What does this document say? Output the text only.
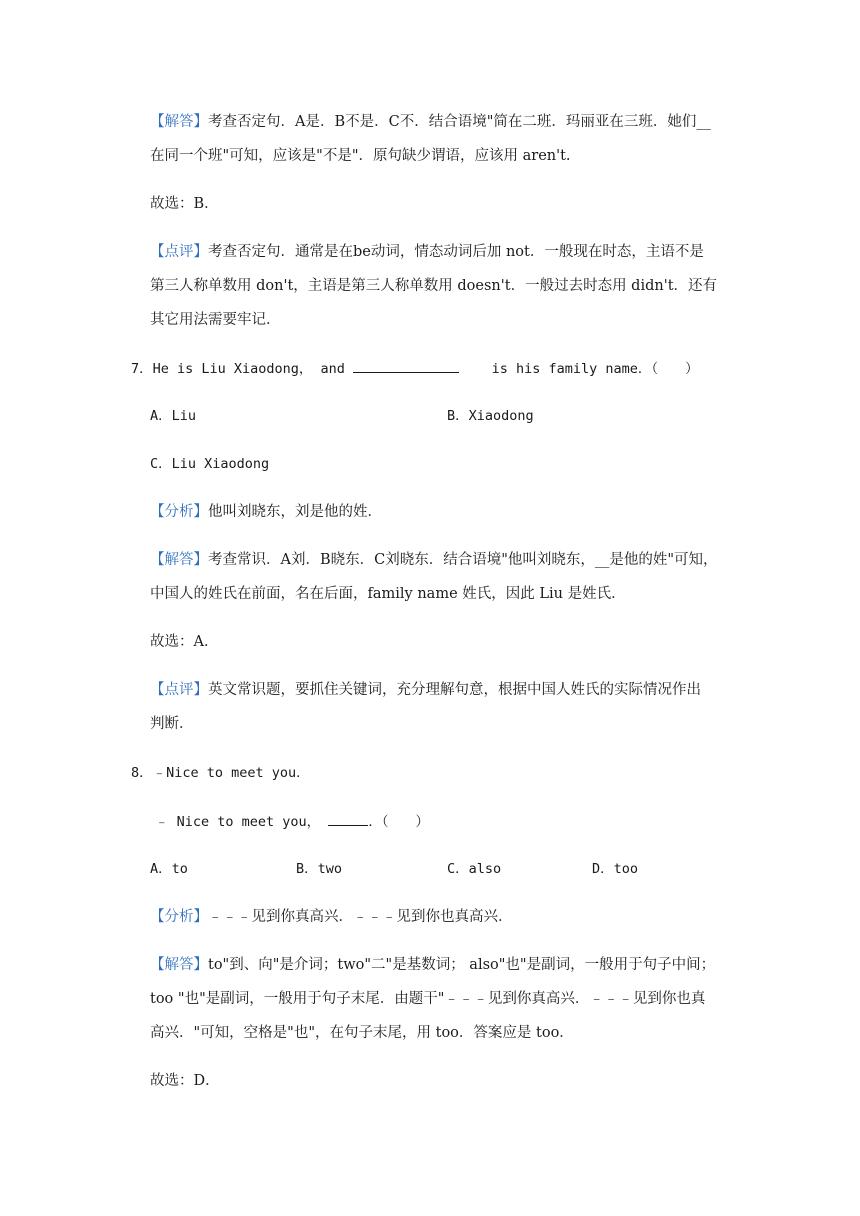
【解答】考查否定句．A是．B不是．C不．结合语境"简在二班．玛丽亚在三班．她们__
在同一个班"可知，应该是"不是"．原句缺少谓语，应该用 aren't.
故选：B．
【点评】考查否定句．通常是在be动词，情态动词后加 not．一般现在时态，主语不是
第三人称单数用 don't，主语是第三人称单数用 doesn't．一般过去时态用 didn't．还有
其它用法需要牢记．
7．He is Liu Xiaodong， and	is his family name．（　　）
A．Liu	B．Xiaodong
C．Liu Xiaodong
【分析】他叫刘晓东，刘是他的姓．
【解答】考查常识．A刘．B晓东．C刘晓东．结合语境"他叫刘晓东，__是他的姓"可知，
中国人的姓氏在前面，名在后面，family name 姓氏，因此 Liu 是姓氏．
故选：A．
【点评】英文常识题，要抓住关键词，充分理解句意，根据中国人姓氏的实际情况作出
判断．
8．﹣Nice to meet you．
﹣ Nice to meet you，	．（　　）
A．to	B．two	C．also	D．too
【分析】﹣﹣﹣见到你真高兴．﹣﹣﹣见到你也真高兴．
【解答】to"到、向"是介词；two"二"是基数词； also"也"是副词，一般用于句子中间；
too "也"是副词，一般用于句子末尾．由题干"﹣﹣﹣见到你真高兴．﹣﹣﹣见到你也真
高兴．"可知，空格是"也"，在句子末尾，用 too．答案应是 too．
故选：D．
